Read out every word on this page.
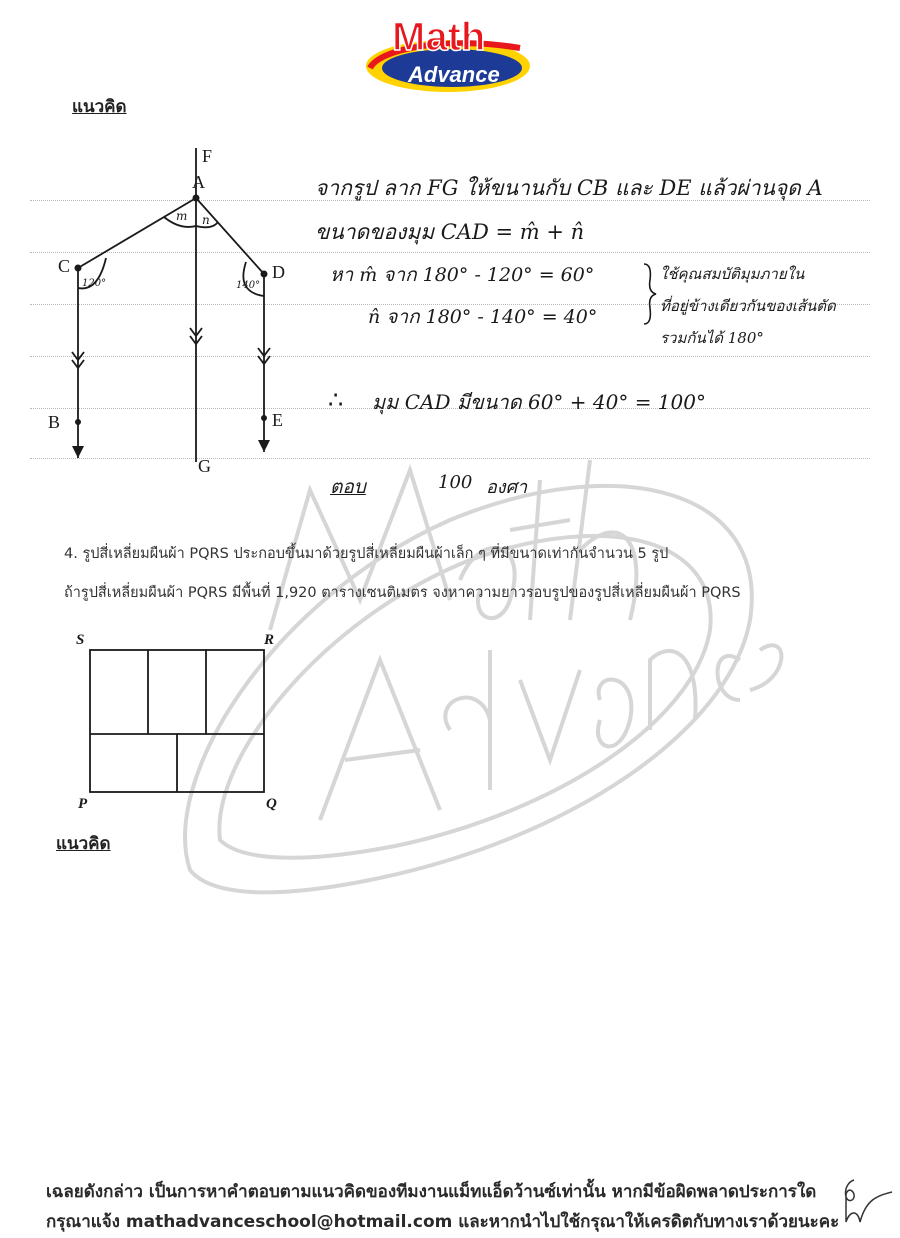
Math
Advance
แนวคิด
F
A
C	D
B	E
G
m n
120°	140°
จากรูป ลาก FG ให้ขนานกับ CB และ DE แล้วผ่านจุด A
ขนาดของมุม CAD = m̂ + n̂
หา m̂ จาก 180° - 120° = 60°
n̂ จาก 180° - 140° = 40°
ใช้คุณสมบัติมุมภายใน
ที่อยู่ข้างเดียวกันของเส้นตัด
รวมกันได้ 180°
∴ มุม CAD มีขนาด 60° + 40° = 100°
ตอบ	100 องศา
4. รูปสี่เหลี่ยมผืนผ้า PQRS ประกอบขึ้นมาด้วยรูปสี่เหลี่ยมผืนผ้าเล็ก ๆ ที่มีขนาดเท่ากันจำนวน 5 รูป
ถ้ารูปสี่เหลี่ยมผืนผ้า PQRS มีพื้นที่ 1,920 ตารางเซนติเมตร จงหาความยาวรอบรูปของรูปสี่เหลี่ยมผืนผ้า PQRS
S	R
P	Q
แนวคิด
เฉลยดังกล่าว เป็นการหาคำตอบตามแนวคิดของทีมงานแม็ทแอ็ดว้านซ์เท่านั้น หากมีข้อผิดพลาดประการใด
กรุณาแจ้ง mathadvanceschool@hotmail.com และหากนำไปใช้กรุณาให้เครดิตกับทางเราด้วยนะคะ
